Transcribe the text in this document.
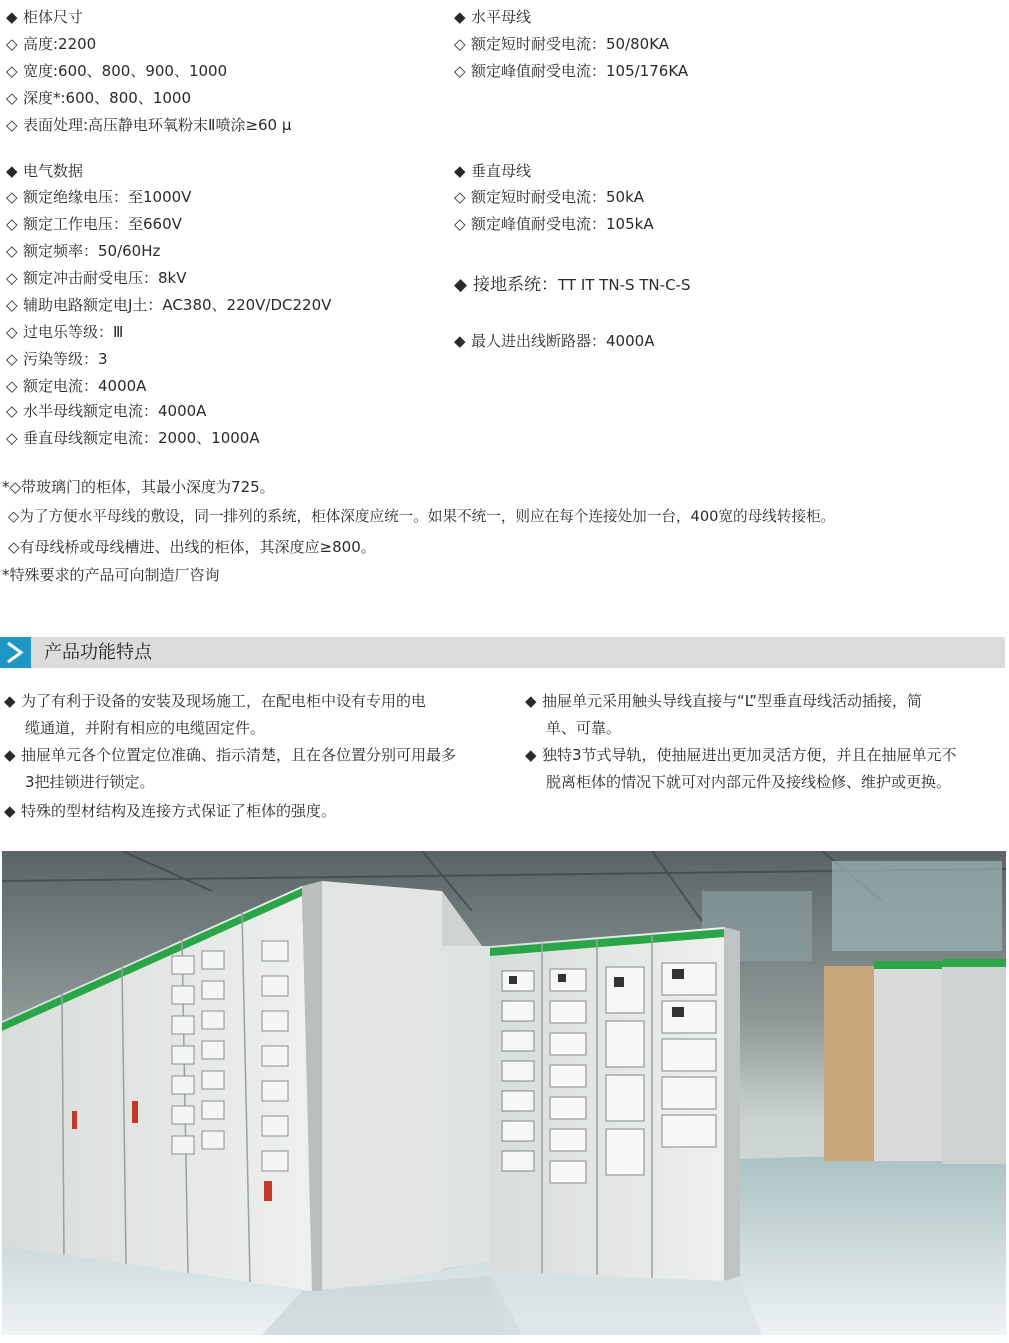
◆ 柜体尺寸
◇ 高度:2200
◇ 宽度:600、800、900、1000
◇ 深度*:600、800、1000
◇ 表面处理:高压静电环氧粉末Ⅱ喷涂≥60 μ
◆ 电气数据
◇ 额定绝缘电压：至1000V
◇ 额定工作电压：至660V
◇ 额定频率：50/60Hz
◇ 额定冲击耐受电压：8kV
◇ 辅助电路额定电J土：AC380、220V/DC220V
◇ 过电乐等级：Ⅲ
◇ 污染等级：3
◇ 额定电流：4000A
◇ 水半母线额定电流：4000A
◇ 垂直母线额定电流：2000、1000A
◆ 水平母线
◇ 额定短时耐受电流：50/80KA
◇ 额定峰值耐受电流：105/176KA
◆ 垂直母线
◇ 额定短时耐受电流：50kA
◇ 额定峰值耐受电流：105kA
◆ 接地系统：TT IT TN-S TN-C-S
◆ 最人进出线断路器：4000A
*◇带玻璃门的柜体，其最小深度为725。
◇为了方便水平母线的敷设，同一排列的系统，柜体深度应统一。如果不统一，则应在每个连接处加一台，400宽的母线转接柜。
◇有母线桥或母线槽进、出线的柜体，其深度应≥800。
*特殊要求的产品可向制造厂咨询
产品功能特点
◆ 为了有利于设备的安装及现场施工，在配电柜中设有专用的电
缆通道，并附有相应的电缆固定件。
◆ 抽屉单元各个位置定位准确、指示清楚，且在各位置分别可用最多
3把挂锁进行锁定。
◆ 特殊的型材结构及连接方式保证了柜体的强度。
◆ 抽屉单元采用触头导线直接与“L”型垂直母线活动插接，简
单、可靠。
◆ 独特3节式导轨，使抽屉进出更加灵活方便，并且在抽屉单元不
脱离柜体的情况下就可对内部元件及接线检修、维护或更换。
